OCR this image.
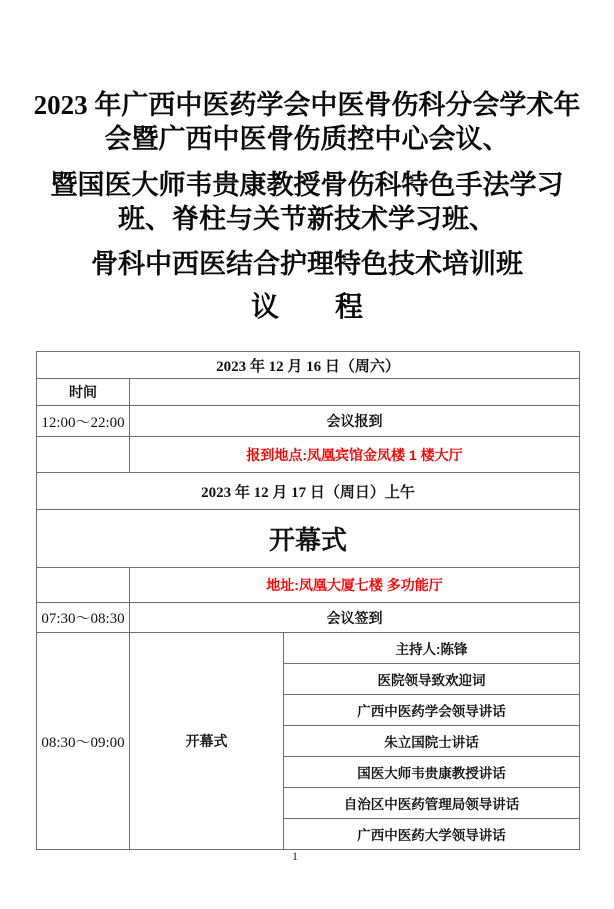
2023 年广西中医药学会中医骨伤科分会学术年
会暨广西中医骨伤质控中心会议、
暨国医大师韦贵康教授骨伤科特色手法学习
班、脊柱与关节新技术学习班、
骨科中西医结合护理特色技术培训班
议　　程
2023 年 12 月 16 日（周六）		
时间		
12:00～22:00	会议报到	
	报到地点:凤凰宾馆金凤楼 1 楼大厅	
2023 年 12 月 17 日（周日）上午		
开幕式		
	地址:凤凰大厦七楼 多功能厅	
07:30～08:30	会议签到	
08:30～09:00	开幕式	主持人:陈锋
		医院领导致欢迎词
		广西中医药学会领导讲话
		朱立国院士讲话
		国医大师韦贵康教授讲话
		自治区中医药管理局领导讲话
		广西中医药大学领导讲话
1
